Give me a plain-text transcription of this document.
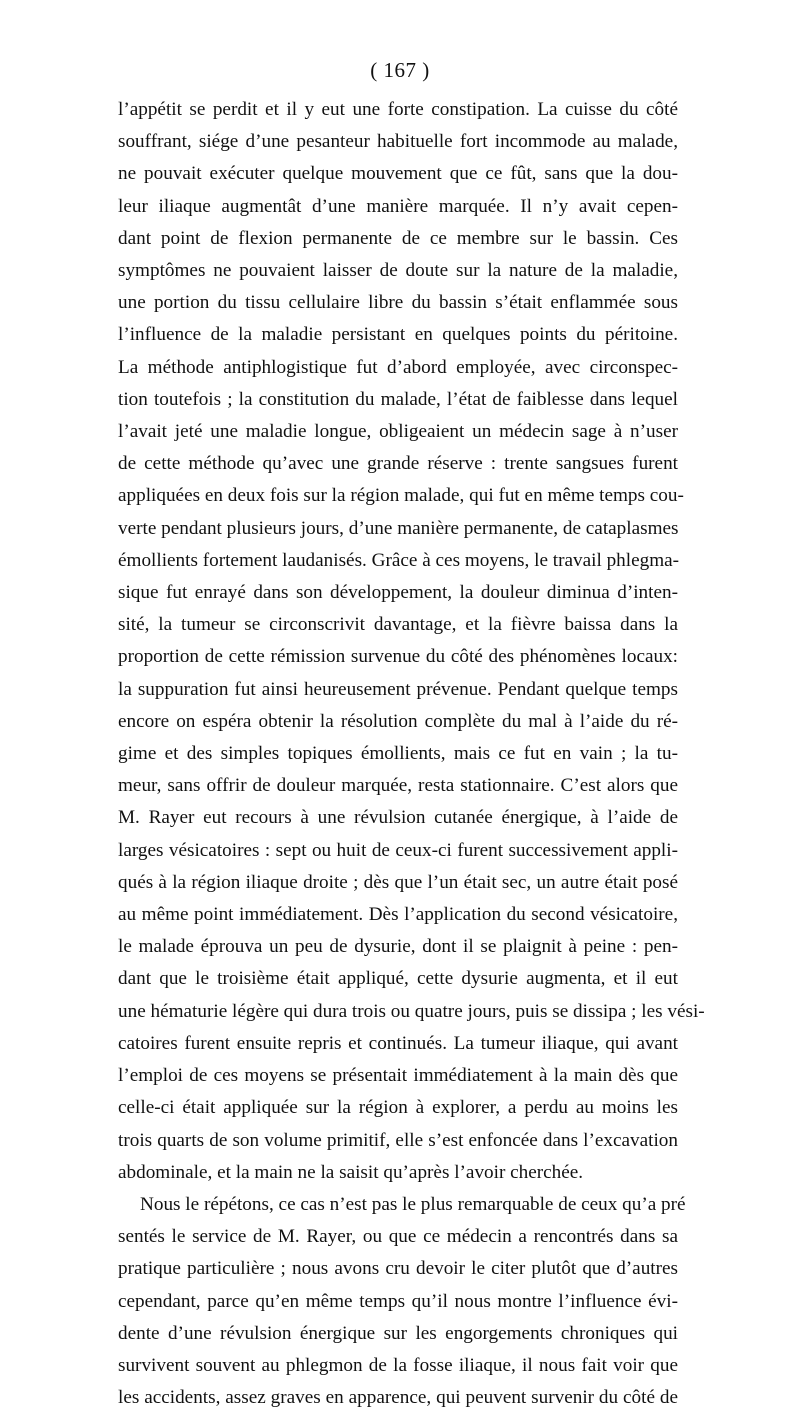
( 167 )
l’appétit se perdit et il y eut une forte constipation. La cuisse du côté
souffrant, siége d’une pesanteur habituelle fort incommode au malade,
ne pouvait exécuter quelque mouvement que ce fût, sans que la dou-
leur iliaque augmentât d’une manière marquée. Il n’y avait cepen-
dant point de flexion permanente de ce membre sur le bassin. Ces
symptômes ne pouvaient laisser de doute sur la nature de la maladie,
une portion du tissu cellulaire libre du bassin s’était enflammée sous
l’influence de la maladie persistant en quelques points du péritoine.
La méthode antiphlogistique fut d’abord employée, avec circonspec-
tion toutefois ; la constitution du malade, l’état de faiblesse dans lequel
l’avait jeté une maladie longue, obligeaient un médecin sage à n’user
de cette méthode qu’avec une grande réserve : trente sangsues furent
appliquées en deux fois sur la région malade, qui fut en même temps cou-
verte pendant plusieurs jours, d’une manière permanente, de cataplasmes
émollients fortement laudanisés. Grâce à ces moyens, le travail phlegma-
sique fut enrayé dans son développement, la douleur diminua d’inten-
sité, la tumeur se circonscrivit davantage, et la fièvre baissa dans la
proportion de cette rémission survenue du côté des phénomènes locaux:
la suppuration fut ainsi heureusement prévenue. Pendant quelque temps
encore on espéra obtenir la résolution complète du mal à l’aide du ré-
gime et des simples topiques émollients, mais ce fut en vain ; la tu-
meur, sans offrir de douleur marquée, resta stationnaire. C’est alors que
M. Rayer eut recours à une révulsion cutanée énergique, à l’aide de
larges vésicatoires : sept ou huit de ceux-ci furent successivement appli-
qués à la région iliaque droite ; dès que l’un était sec, un autre était posé
au même point immédiatement. Dès l’application du second vésicatoire,
le malade éprouva un peu de dysurie, dont il se plaignit à peine : pen-
dant que le troisième était appliqué, cette dysurie augmenta, et il eut
une hématurie légère qui dura trois ou quatre jours, puis se dissipa ; les vési-
catoires furent ensuite repris et continués. La tumeur iliaque, qui avant
l’emploi de ces moyens se présentait immédiatement à la main dès que
celle-ci était appliquée sur la région à explorer, a perdu au moins les
trois quarts de son volume primitif, elle s’est enfoncée dans l’excavation
abdominale, et la main ne la saisit qu’après l’avoir cherchée.
Nous le répétons, ce cas n’est pas le plus remarquable de ceux qu’a pré
sentés le service de M. Rayer, ou que ce médecin a rencontrés dans sa
pratique particulière ; nous avons cru devoir le citer plutôt que d’autres
cependant, parce qu’en même temps qu’il nous montre l’influence évi-
dente d’une révulsion énergique sur les engorgements chroniques qui
survivent souvent au phlegmon de la fosse iliaque, il nous fait voir que
les accidents, assez graves en apparence, qui peuvent survenir du côté de
